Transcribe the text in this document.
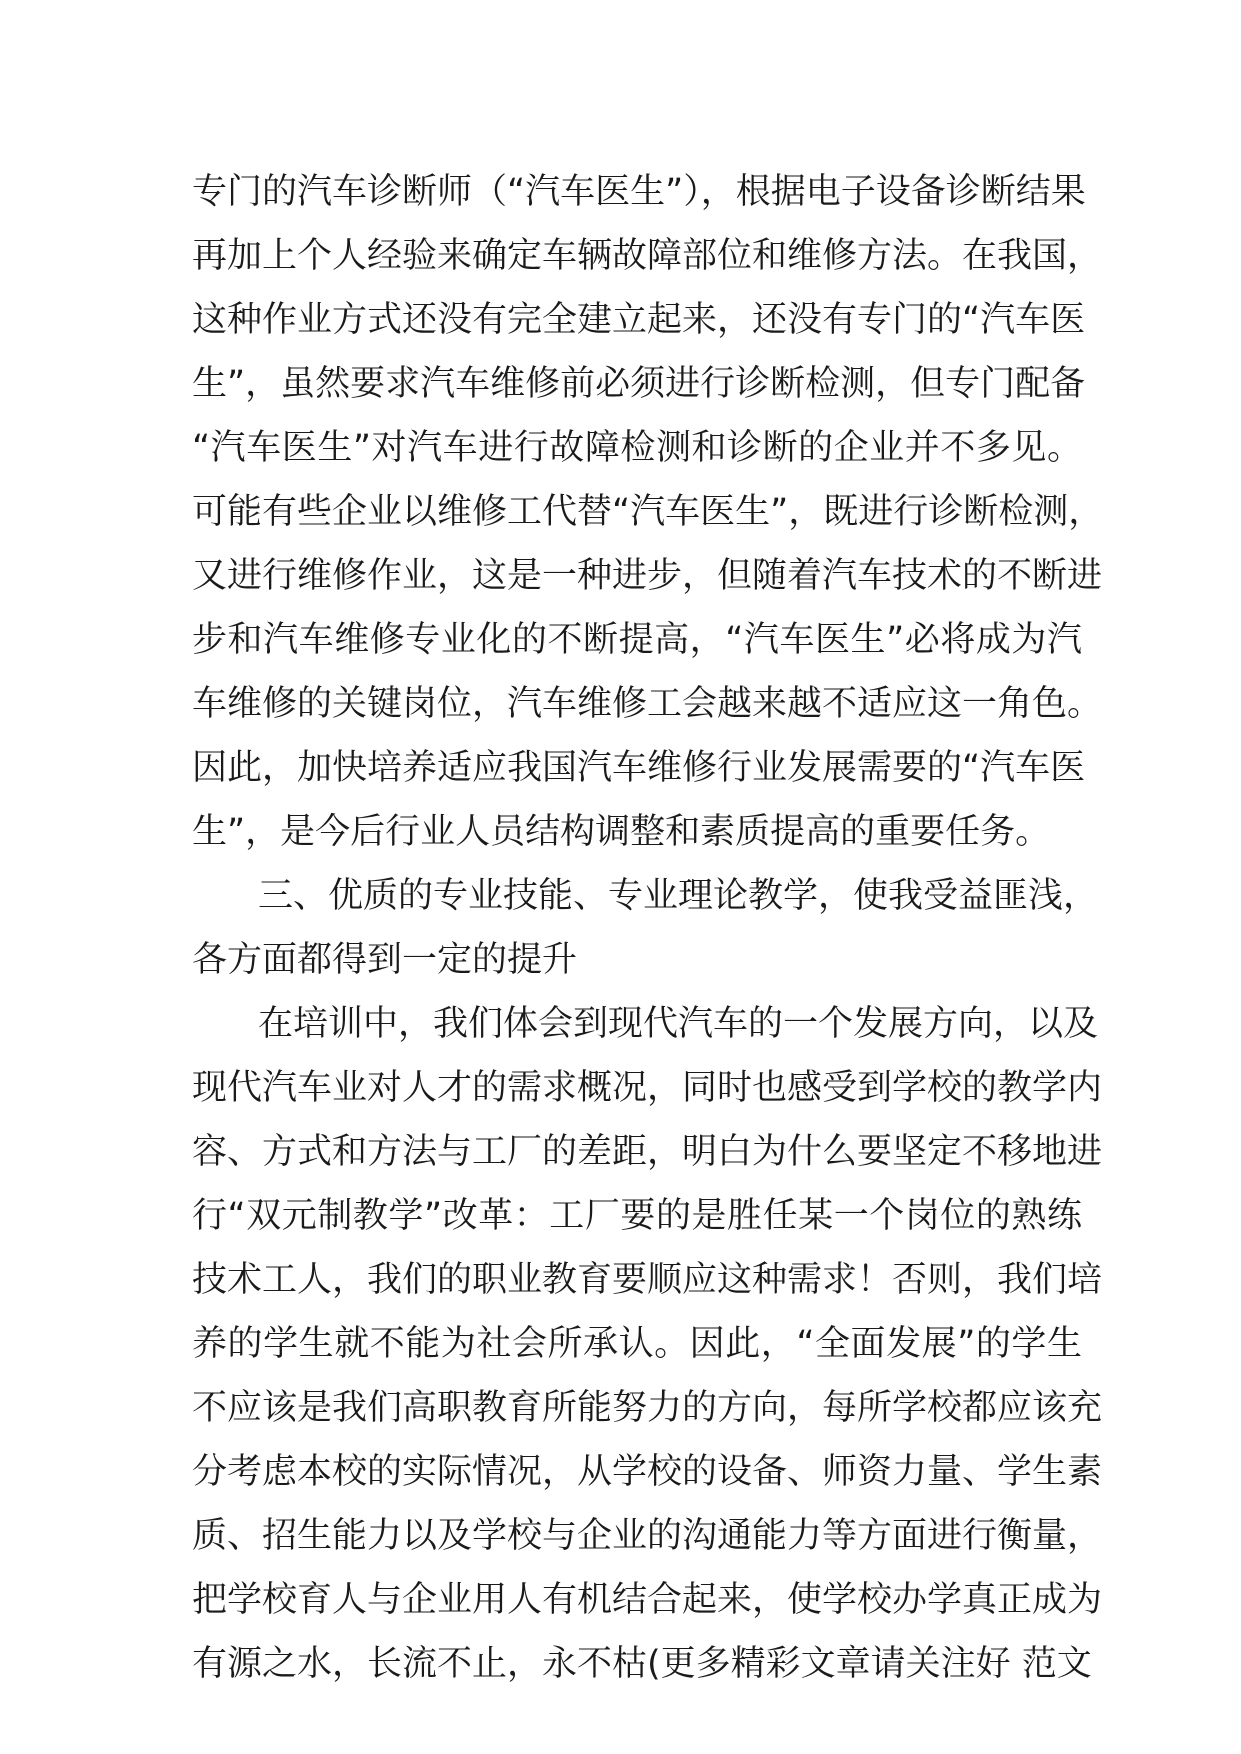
专门的汽车诊断师（“汽车医生”），根据电子设备诊断结果
再加上个人经验来确定车辆故障部位和维修方法。在我国，
这种作业方式还没有完全建立起来，还没有专门的“汽车医
生”，虽然要求汽车维修前必须进行诊断检测，但专门配备
“汽车医生”对汽车进行故障检测和诊断的企业并不多见。
可能有些企业以维修工代替“汽车医生”，既进行诊断检测，
又进行维修作业，这是一种进步，但随着汽车技术的不断进
步和汽车维修专业化的不断提高，“汽车医生”必将成为汽
车维修的关键岗位，汽车维修工会越来越不适应这一角色。
因此，加快培养适应我国汽车维修行业发展需要的“汽车医
生”，是今后行业人员结构调整和素质提高的重要任务。
三、优质的专业技能、专业理论教学，使我受益匪浅，
各方面都得到一定的提升
在培训中，我们体会到现代汽车的一个发展方向，以及
现代汽车业对人才的需求概况，同时也感受到学校的教学内
容、方式和方法与工厂的差距，明白为什么要坚定不移地进
行“双元制教学”改革：工厂要的是胜任某一个岗位的熟练
技术工人，我们的职业教育要顺应这种需求！否则，我们培
养的学生就不能为社会所承认。因此，“全面发展”的学生
不应该是我们高职教育所能努力的方向，每所学校都应该充
分考虑本校的实际情况，从学校的设备、师资力量、学生素
质、招生能力以及学校与企业的沟通能力等方面进行衡量，
把学校育人与企业用人有机结合起来，使学校办学真正成为
有源之水，长流不止，永不枯(更多精彩文章请关注好 范文
